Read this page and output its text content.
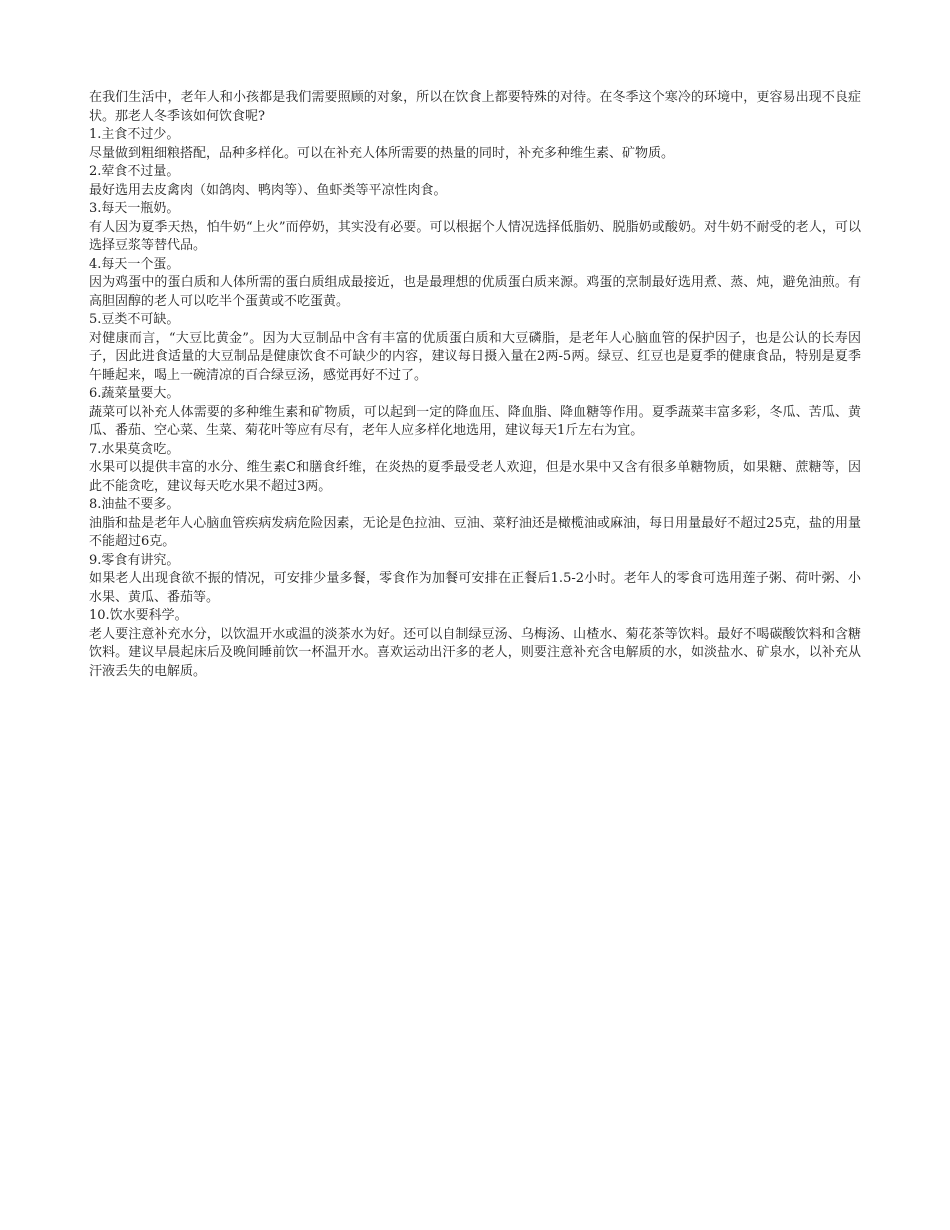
在我们生活中，老年人和小孩都是我们需要照顾的对象，所以在饮食上都要特殊的对待。在冬季这个寒冷的环境中，更容易出现不良症状。那老人冬季该如何饮食呢?

1.主食不过少。

尽量做到粗细粮搭配，品种多样化。可以在补充人体所需要的热量的同时，补充多种维生素、矿物质。

2.荤食不过量。

最好选用去皮禽肉（如鸽肉、鸭肉等）、鱼虾类等平凉性肉食。

3.每天一瓶奶。

有人因为夏季天热，怕牛奶“上火”而停奶，其实没有必要。可以根据个人情况选择低脂奶、脱脂奶或酸奶。对牛奶不耐受的老人，可以选择豆浆等替代品。

4.每天一个蛋。

因为鸡蛋中的蛋白质和人体所需的蛋白质组成最接近，也是最理想的优质蛋白质来源。鸡蛋的烹制最好选用煮、蒸、炖，避免油煎。有高胆固醇的老人可以吃半个蛋黄或不吃蛋黄。

5.豆类不可缺。

对健康而言，“大豆比黄金”。因为大豆制品中含有丰富的优质蛋白质和大豆磷脂，是老年人心脑血管的保护因子，也是公认的长寿因子，因此进食适量的大豆制品是健康饮食不可缺少的内容，建议每日摄入量在2两-5两。绿豆、红豆也是夏季的健康食品，特别是夏季午睡起来，喝上一碗清凉的百合绿豆汤，感觉再好不过了。

6.蔬菜量要大。

蔬菜可以补充人体需要的多种维生素和矿物质，可以起到一定的降血压、降血脂、降血糖等作用。夏季蔬菜丰富多彩，冬瓜、苦瓜、黄瓜、番茄、空心菜、生菜、菊花叶等应有尽有，老年人应多样化地选用，建议每天1斤左右为宜。

7.水果莫贪吃。

水果可以提供丰富的水分、维生素C和膳食纤维，在炎热的夏季最受老人欢迎，但是水果中又含有很多单糖物质，如果糖、蔗糖等，因此不能贪吃，建议每天吃水果不超过3两。

8.油盐不要多。

油脂和盐是老年人心脑血管疾病发病危险因素，无论是色拉油、豆油、菜籽油还是橄榄油或麻油，每日用量最好不超过25克，盐的用量不能超过6克。

9.零食有讲究。

如果老人出现食欲不振的情况，可安排少量多餐，零食作为加餐可安排在正餐后1.5-2小时。老年人的零食可选用莲子粥、荷叶粥、小水果、黄瓜、番茄等。

10.饮水要科学。

老人要注意补充水分，以饮温开水或温的淡茶水为好。还可以自制绿豆汤、乌梅汤、山楂水、菊花茶等饮料。最好不喝碳酸饮料和含糖饮料。建议早晨起床后及晚间睡前饮一杯温开水。喜欢运动出汗多的老人，则要注意补充含电解质的水，如淡盐水、矿泉水，以补充从汗液丢失的电解质。
